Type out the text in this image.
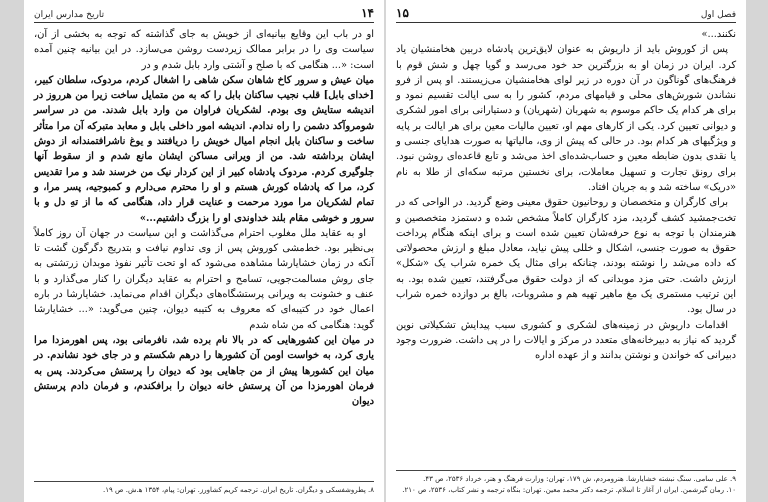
۱۴
تاریخ مدارس ایران

او در باب این وقایع بیانیه‌ای از خویش به جای گذاشته که توجه به بخشی از آن، سیاست وی را در برابر ممالک زیردست روشن می‌سازد. در این بیانیه چنین آمده است: «... هنگامی که با صلح و آشتی وارد بابل شدم و در

میان عیش و سرور کاخ شاهان سکن شاهی را اشغال کردم، مردوک، سلطان کبیر، [خدای بابل] قلب نجیب ساکنان بابل را که به من متمایل ساخت زیرا من هرروز در اندیشه ستایش وی بودم. لشکریان فراوان من وارد بابل شدند. من در سراسر شومروآکد دشمن را راه ندادم. اندیشه امور داخلی بابل و معابد متبرکه آن مرا متأثر ساخت و ساکنان بابل انجام امیال خویش را دریافتند و یوغ ناشرافتمندانه از دوش ایشان برداشته شد. من از ویرانی مساکن ایشان مانع شدم و از سقوط آنها جلوگیری کردم. مردوک پادشاه کبیر از این کردار نیک من خرسند شد و مرا تقدیس کرد، مرا که پادشاه کورش هستم و او را محترم می‌دارم و کمبوجیه، پسر مرا، و تمام لشکریان مرا مورد مرحمت و عنایت قرار داد، هنگامی که ما از تهِ دل و با سرور و خوشی مقام بلند خداوندی او را بزرگ داشتیم...»

او به عقاید ملل مغلوب احترام می‌گذاشت و این سیاست در جهان آن روز کاملاً بی‌نظیر بود. خط‌مشی کوروش پس از وی تداوم نیافت و بتدریج دگرگون گشت تا آنکه در زمان خشایارشا مشاهده می‌شود که او تحت تأثیر نفوذ موبدان زرتشتی به جای روش مسالمت‌جویی، تسامح و احترام به عقاید دیگران را کنار می‌گذارد و با عنف و خشونت به ویرانی پرستشگاه‌های دیگران اقدام می‌نماید. خشایارشا در باره اعمال خود در کتیبه‌ای که معروف به کتیبه دیوان، چنین می‌گوید: «... خشایارشا گوید: هنگامی که من شاه شدم

در میان این کشورهایی که در بالا نام برده شد، نافرمانی بود، پس اهورمزدا مرا یاری کرد، به خواست اومن آن کشورها را درهم شکستم و در جای خود نشاندم. در میان این کشورها پیش از من جاهایی بود که دیوان را پرستش می‌کردند. پس به فرمان اهورمزدا من آن پرستش خانه دیوان را برافکندم، و فرمان دادم پرستش دیوان

۸. پطروشفسکی و دیگران. تاریخ ایران. ترجمه کریم کشاورز. تهران: پیام، ۱۳۵۴ ه‍.ش. ص ۱۹.
فصل اول
۱۵

نکنند...»

پس از کوروش باید از داریوش به عنوان لایق‌ترین پادشاه دربین هخامنشیان یاد کرد. ایران در زمان او به بزرگترین حد خود می‌رسد و گویا چهل و شش قوم با فرهنگ‌های گوناگون در آن دوره در زیر لوای هخامنشیان می‌زیستند. او پس از فرو نشاندن شورش‌های محلی و قیامهای مردم، کشور را به سی ایالت تقسیم نمود و برای هر کدام یک حاکم موسوم به شهربان (شهریان) و دستیارانی برای امور لشکری و دیوانی تعیین کرد. یکی از کارهای مهم او، تعیین مالیات معین برای هر ایالت بر پایه و ویژگیهای هر کدام بود. در حالی که پیش از وی، مالیاتها به صورت هدایای جنسی و یا نقدی بدون ضابطه معین و حساب‌شده‌ای اخذ می‌شد و تابع قاعده‌ای روشن نبود. برای رونق تجارت و تسهیل معاملات، برای نخستین مرتبه سکه‌ای از طلا به نام «دریک» ساخته شد و به جریان افتاد.

برای کارگران و متخصصان و روحانیون حقوق معینی وضع گردید. در الواحی که در تخت‌جمشید کشف گردید، مزد کارگران کاملاً مشخص شده و دستمزد متخصصین و هنرمندان با توجه به نوع حرفه‌شان تعیین شده است و برای اینکه هنگام پرداخت حقوق به صورت جنسی، اشکال و خللی پیش نیاید، معادل مبلغ و ارزش محصولاتی که داده می‌شد را نوشته بودند، چنانکه برای مثال یک خمره شراب یک «شکل» ارزش داشت. حتی مزد موبدانی که از دولت حقوق می‌گرفتند، تعیین شده بود. به این ترتیب مستمری یک مغ ماهیر تهیه هم و مشروبات، بالغ بر دوازده خمره شراب در سال بود.

اقدامات داریوش در زمینه‌های لشکری و کشوری سبب پیدایش تشکیلاتی نوین گردید که نیاز به دبیرخانه‌های متعدد در مرکز و ایالات را در پی داشت. ضرورت وجود دبیرانی که خواندن و نوشتن بدانند و از عهده اداره

۹. علی سامی. سنگ نبشته خشایارشا. هنرومردم، ش ۱۷۹، تهران: وزارت فرهنگ و هنر، خرداد ۲۵۳۶، ص ۴۳.
۱۰. رمان گیرشمن. ایران از آغاز تا اسلام. ترجمه دکتر محمد معین. تهران: بنگاه ترجمه و نشر کتاب، ۲۵۳۶، ص ۲۱۰.
